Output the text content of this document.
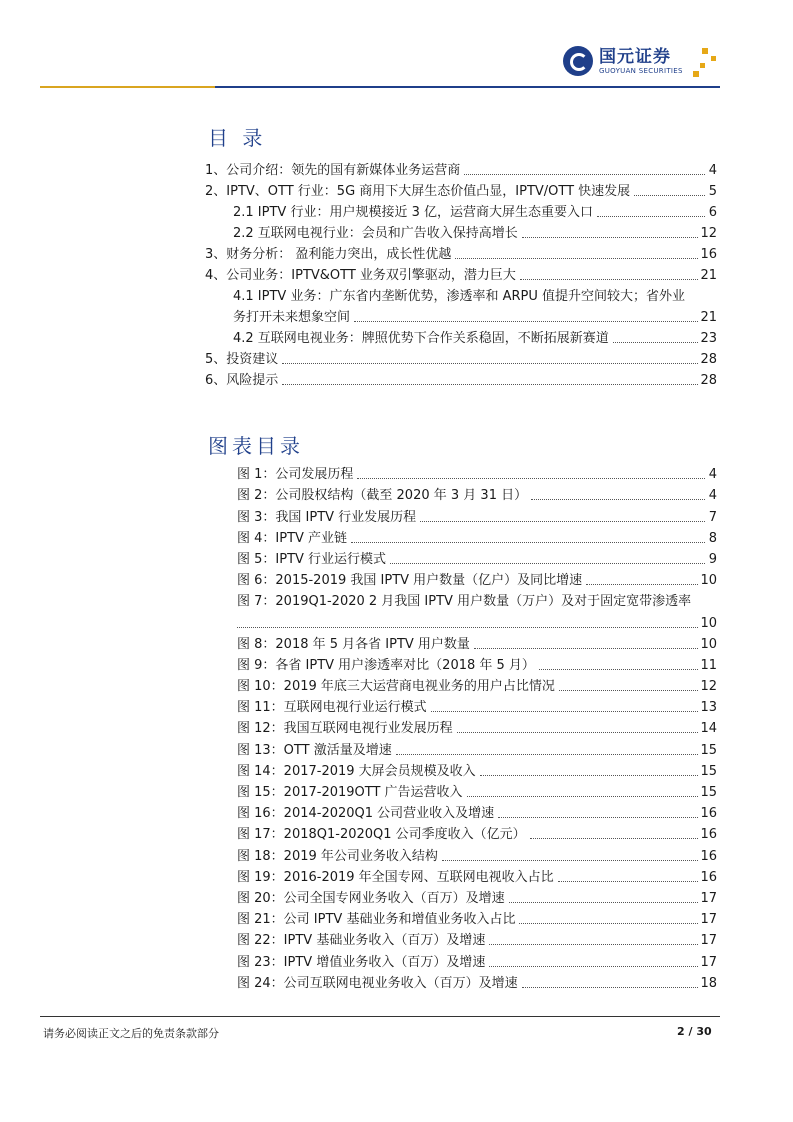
国元证券
GUOYUAN SECURITIES
目 录
1、公司介绍：领先的国有新媒体业务运营商	4
2、IPTV、OTT 行业：5G 商用下大屏生态价值凸显，IPTV/OTT 快速发展	5
2.1 IPTV 行业：用户规模接近 3 亿，运营商大屏生态重要入口	6
2.2 互联网电视行业：会员和广告收入保持高增长	12
3、财务分析： 盈利能力突出，成长性优越	16
4、公司业务：IPTV&OTT 业务双引擎驱动，潜力巨大	21
4.1 IPTV 业务：广东省内垄断优势，渗透率和 ARPU 值提升空间较大；省外业
务打开未来想象空间	21
4.2 互联网电视业务：牌照优势下合作关系稳固，不断拓展新赛道	23
5、投资建议	28
6、风险提示	28
图表目录
图 1：公司发展历程	4
图 2：公司股权结构（截至 2020 年 3 月 31 日）	4
图 3：我国 IPTV 行业发展历程	7
图 4：IPTV 产业链	8
图 5：IPTV 行业运行模式	9
图 6：2015-2019 我国 IPTV 用户数量（亿户）及同比增速	10
图 7：2019Q1-2020 2 月我国 IPTV 用户数量（万户）及对于固定宽带渗透率
10
图 8：2018 年 5 月各省 IPTV 用户数量	10
图 9：各省 IPTV 用户渗透率对比（2018 年 5 月）	11
图 10：2019 年底三大运营商电视业务的用户占比情况	12
图 11：互联网电视行业运行模式	13
图 12：我国互联网电视行业发展历程	14
图 13：OTT 激活量及增速	15
图 14：2017-2019 大屏会员规模及收入	15
图 15：2017-2019OTT 广告运营收入	15
图 16：2014-2020Q1 公司营业收入及增速	16
图 17：2018Q1-2020Q1 公司季度收入（亿元）	16
图 18：2019 年公司业务收入结构	16
图 19：2016-2019 年全国专网、互联网电视收入占比	16
图 20：公司全国专网业务收入（百万）及增速	17
图 21：公司 IPTV 基础业务和增值业务收入占比	17
图 22：IPTV 基础业务收入（百万）及增速	17
图 23：IPTV 增值业务收入（百万）及增速	17
图 24：公司互联网电视业务收入（百万）及增速	18
请务必阅读正文之后的免责条款部分	2 / 30
